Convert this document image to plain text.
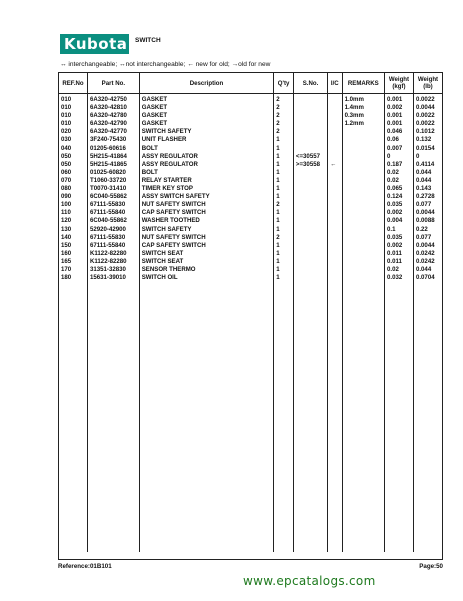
Kubota SWITCH
↔ interchangeable; ↔not interchangeable; ← new for old; →old for new
REF.No	Part No.	Description	Q'ty	S.No.	I/C	REMARKS	Weight (kgf)	Weight (lb)
010	6A320-42750	GASKET	2			1.0mm	0.001	0.0022
010	6A320-42810	GASKET	2			1.4mm	0.002	0.0044
010	6A320-42780	GASKET	2			0.3mm	0.001	0.0022
010	6A320-42790	GASKET	2			1.2mm	0.001	0.0022
020	6A320-42770	SWITCH SAFETY	2				0.046	0.1012
030	3F240-75430	UNIT FLASHER	1				0.06	0.132
040	01205-60616	BOLT	1				0.007	0.0154
050	5H215-41864	ASSY REGULATOR	1	<=30557			0	0
050	5H215-41865	ASSY REGULATOR	1	>=30558	←		0.187	0.4114
060	01025-60820	BOLT	1				0.02	0.044
070	T1060-33720	RELAY STARTER	1				0.02	0.044
080	T0070-31410	TIMER KEY STOP	1				0.065	0.143
090	6C040-55862	ASSY SWITCH SAFETY	1				0.124	0.2728
100	67111-55830	NUT SAFETY SWITCH	2				0.035	0.077
110	67111-55840	CAP SAFETY SWITCH	1				0.002	0.0044
120	6C040-55862	WASHER TOOTHED	1				0.004	0.0088
130	52920-42900	SWITCH SAFETY	1				0.1	0.22
140	67111-55830	NUT SAFETY SWITCH	2				0.035	0.077
150	67111-55840	CAP SAFETY SWITCH	1				0.002	0.0044
160	K1122-82280	SWITCH SEAT	1				0.011	0.0242
165	K1122-82280	SWITCH SEAT	1				0.011	0.0242
170	31351-32830	SENSOR THERMO	1				0.02	0.044
180	15631-39010	SWITCH OIL	1				0.032	0.0704

Reference:01B101	Page:50
www.epcatalogs.com
